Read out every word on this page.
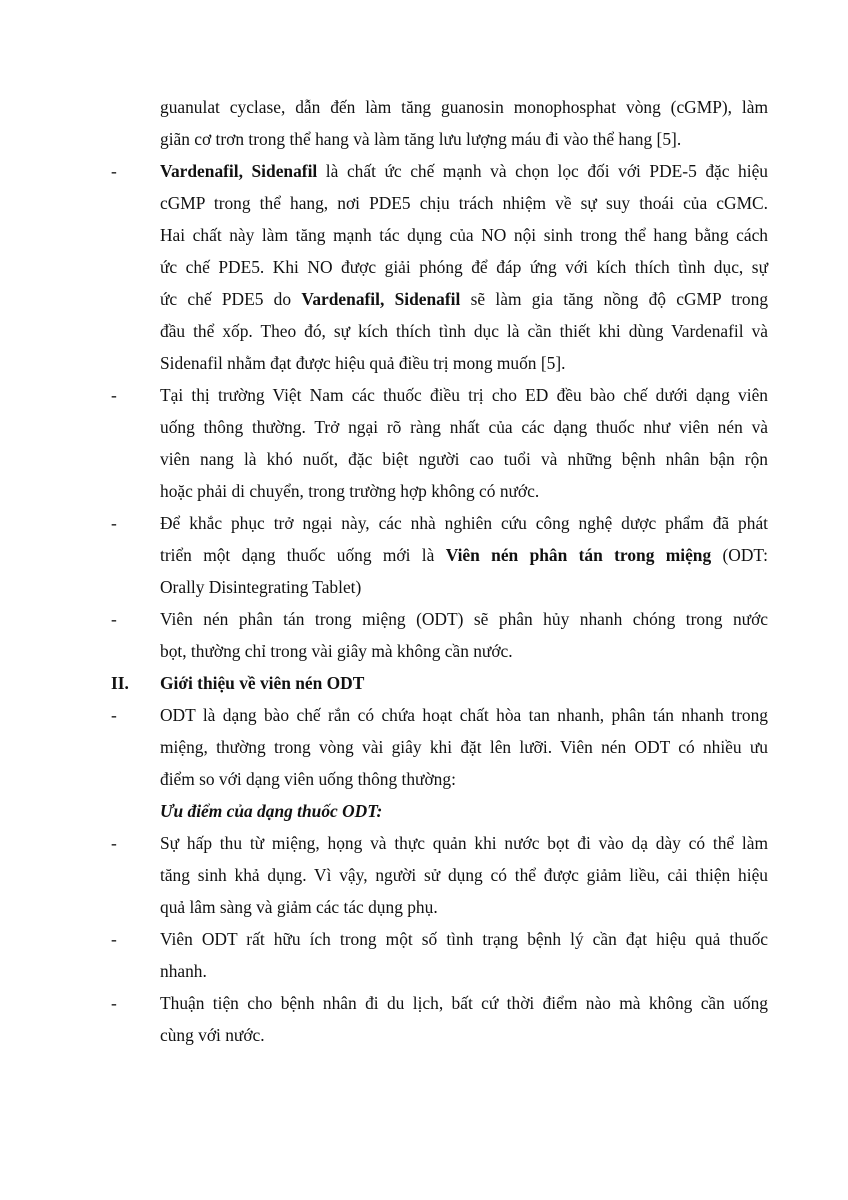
guanulat cyclase, dẫn đến làm tăng guanosin monophosphat vòng (cGMP), làm
giãn cơ trơn trong thể hang và làm tăng lưu lượng máu đi vào thể hang [5].
- Vardenafil, Sidenafil là chất ức chế mạnh và chọn lọc đối với PDE-5 đặc hiệu
cGMP trong thể hang, nơi PDE5 chịu trách nhiệm về sự suy thoái của cGMC.
Hai chất này làm tăng mạnh tác dụng của NO nội sinh trong thể hang bằng cách
ức chế PDE5. Khi NO được giải phóng để đáp ứng với kích thích tình dục, sự
ức chế PDE5 do Vardenafil, Sidenafil sẽ làm gia tăng nồng độ cGMP trong
đầu thể xốp. Theo đó, sự kích thích tình dục là cần thiết khi dùng Vardenafil và
Sidenafil nhằm đạt được hiệu quả điều trị mong muốn [5].
- Tại thị trường Việt Nam các thuốc điều trị cho ED đều bào chế dưới dạng viên
uống thông thường. Trở ngại rõ ràng nhất của các dạng thuốc như viên nén và
viên nang là khó nuốt, đặc biệt người cao tuổi và những bệnh nhân bận rộn
hoặc phải di chuyển, trong trường hợp không có nước.
- Để khắc phục trở ngại này, các nhà nghiên cứu công nghệ dược phẩm đã phát
triển một dạng thuốc uống mới là Viên nén phân tán trong miệng (ODT:
Orally Disintegrating Tablet)
- Viên nén phân tán trong miệng (ODT) sẽ phân hủy nhanh chóng trong nước
bọt, thường chỉ trong vài giây mà không cần nước.
II. Giới thiệu về viên nén ODT
- ODT là dạng bào chế rắn có chứa hoạt chất hòa tan nhanh, phân tán nhanh trong
miệng, thường trong vòng vài giây khi đặt lên lưỡi. Viên nén ODT có nhiều ưu
điểm so với dạng viên uống thông thường:
Ưu điểm của dạng thuốc ODT:
- Sự hấp thu từ miệng, họng và thực quản khi nước bọt đi vào dạ dày có thể làm
tăng sinh khả dụng. Vì vậy, người sử dụng có thể được giảm liều, cải thiện hiệu
quả lâm sàng và giảm các tác dụng phụ.
- Viên ODT rất hữu ích trong một số tình trạng bệnh lý cần đạt hiệu quả thuốc
nhanh.
- Thuận tiện cho bệnh nhân đi du lịch, bất cứ thời điểm nào mà không cần uống
cùng với nước.
